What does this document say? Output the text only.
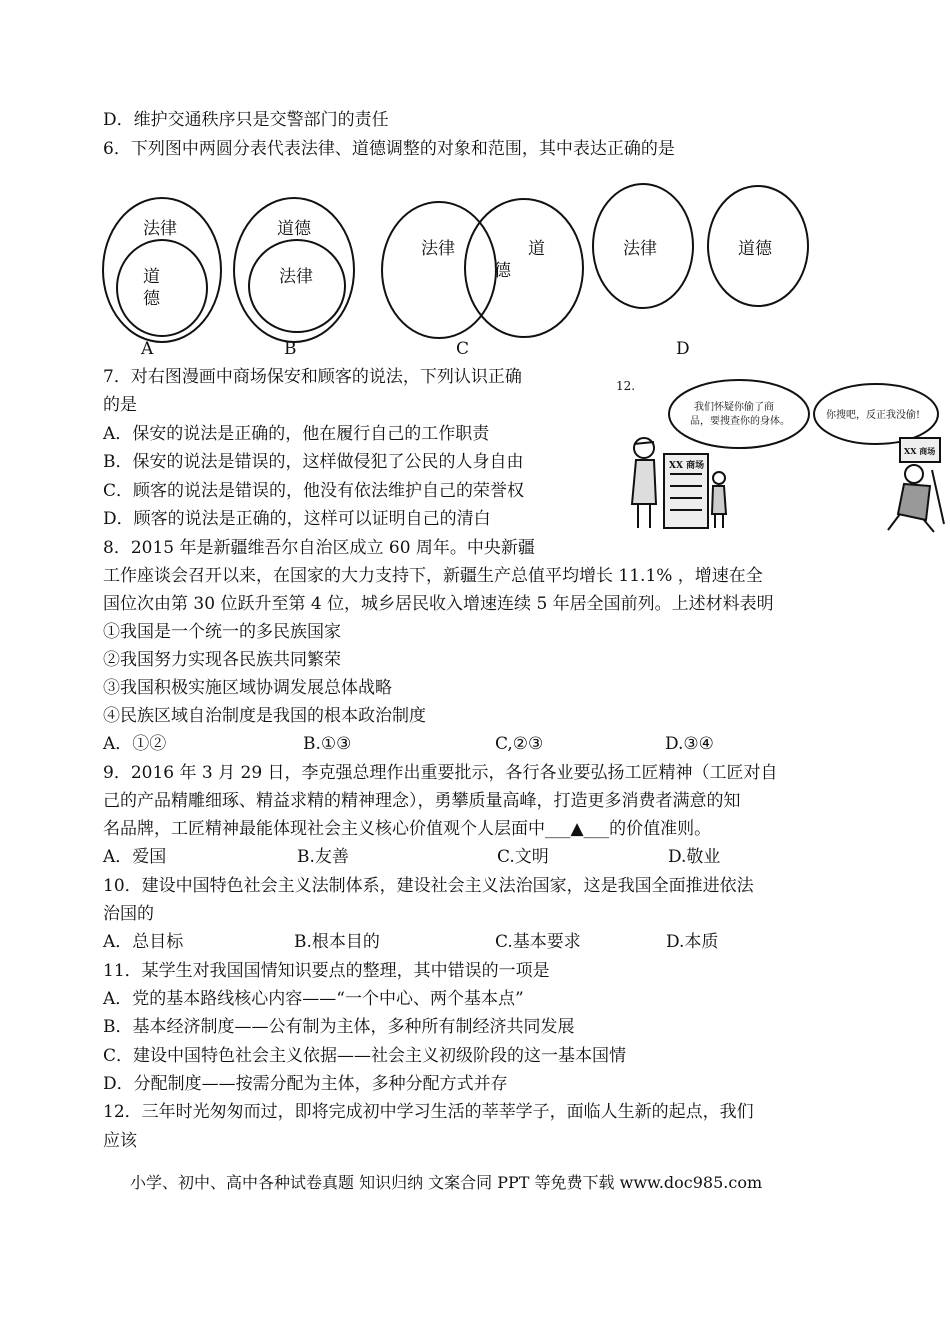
D．维护交通秩序只是交警部门的责任
6．下列图中两圆分表代表法律、道德调整的对象和范围，其中表达正确的是
法律
道
德
A
道德
法律
B
法律	道
德
C
法律	道德
D
7．对右图漫画中商场保安和顾客的说法，下列认识正确
的是
A．保安的说法是正确的，他在履行自己的工作职责
B．保安的说法是错误的，这样做侵犯了公民的人身自由
C．顾客的说法是错误的，他没有依法维护自己的荣誉权
D．顾客的说法是正确的，这样可以证明自己的清白
12.
我们怀疑你偷了商
品，要搜查你的身体。
你搜吧，反正我没偷!
XX 商场
XX 商场
8．2015 年是新疆维吾尔自治区成立 60 周年。中央新疆
工作座谈会召开以来，在国家的大力支持下，新疆生产总值平均增长 11.1% ，增速在全
国位次由第 30 位跃升至第 4 位，城乡居民收入增速连续 5 年居全国前列。上述材料表明
①我国是一个统一的多民族国家
②我国努力实现各民族共同繁荣
③我国积极实施区域协调发展总体战略
④民族区域自治制度是我国的根本政治制度
A．①②	B.①③	C,②③	D.③④
9．2016 年 3 月 29 日，李克强总理作出重要批示，各行各业要弘扬工匠精神（工匠对自
己的产品精雕细琢、精益求精的精神理念），勇攀质量高峰，打造更多消费者满意的知
名品牌，工匠精神最能体现社会主义核心价值观个人层面中___▲___的价值准则。
A．爱国	B.友善	C.文明	D.敬业
10．建设中国特色社会主义法制体系，建设社会主义法治国家，这是我国全面推进依法
治国的
A．总目标	B.根本目的	C.基本要求	D.本质
11．某学生对我国国情知识要点的整理，其中错误的一项是
A．党的基本路线核心内容——“一个中心、两个基本点”
B．基本经济制度——公有制为主体，多种所有制经济共同发展
C．建设中国特色社会主义依据——社会主义初级阶段的这一基本国情
D．分配制度——按需分配为主体，多种分配方式并存
12．三年时光匆匆而过，即将完成初中学习生活的莘莘学子，面临人生新的起点，我们
应该
小学、初中、高中各种试卷真题 知识归纳 文案合同 PPT 等免费下载 www.doc985.com
